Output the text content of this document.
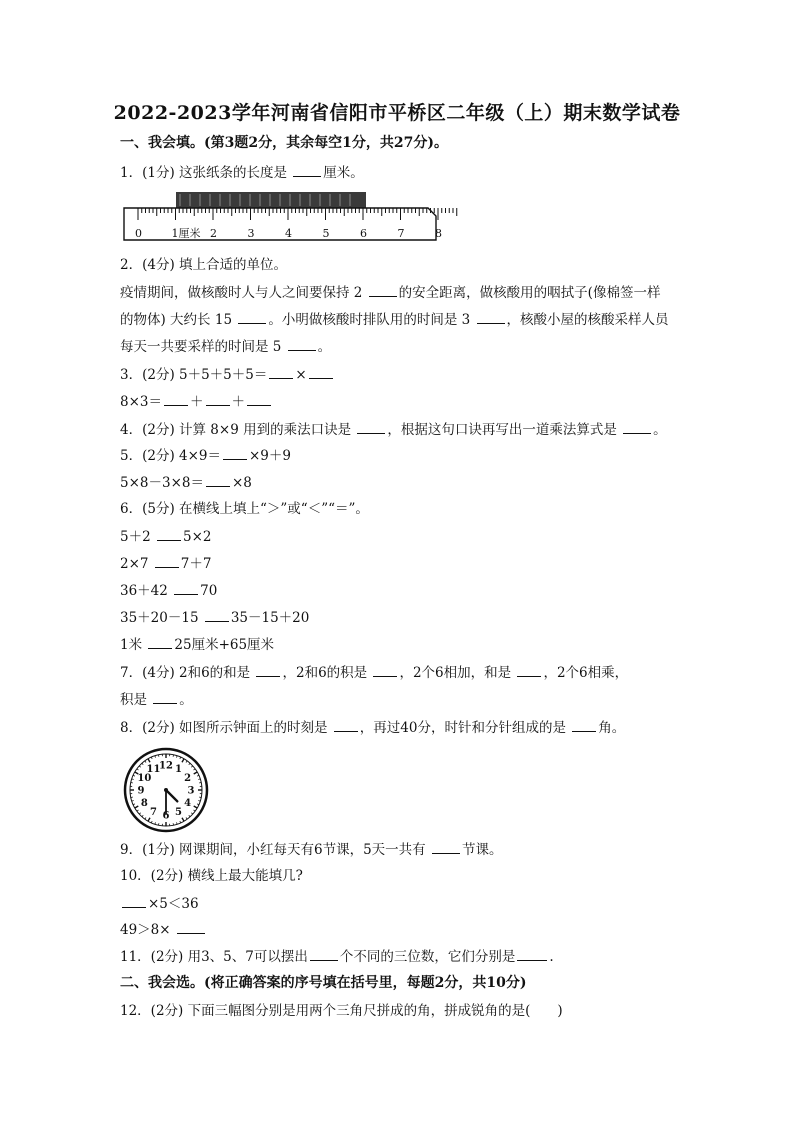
2022-2023学年河南省信阳市平桥区二年级（上）期末数学试卷
一、我会填。(第3题2分，其余每空1分，共27分)。
1．(1分) 这张纸条的长度是 厘米。
0	1厘米 2	3	4	5	6	7	8
2．(4分) 填上合适的单位。
疫情期间，做核酸时人与人之间要保持 2 的安全距离，做核酸用的咽拭子(像棉签一样
的物体) 大约长 15 。小明做核酸时排队用的时间是 3 ，核酸小屋的核酸采样人员
每天一共要采样的时间是 5 。
3．(2分) 5＋5＋5＋5＝ ×
8×3＝ ＋ ＋
4．(2分) 计算 8×9 用到的乘法口诀是 ，根据这句口诀再写出一道乘法算式是 。
5．(2分) 4×9＝ ×9＋9
5×8－3×8＝ ×8
6．(5分) 在横线上填上“＞”或“＜”“＝”。
5＋2 5×2
2×7 7＋7
36＋42 70
35＋20－15 35－15＋20
1米 25厘米+65厘米
7．(4分) 2和6的和是 ，2和6的积是 ，2个6相加，和是 ，2个6相乘，
积是 。
8．(2分) 如图所示钟面上的时刻是 ，再过40分，时针和分针组成的是 角。
12 1
2
3
4
5
6
7
8
9
10
11
9．(1分) 网课期间，小红每天有6节课，5天一共有 节课。
10．(2分) 横线上最大能填几?
×5＜36
49＞8×
11．(2分) 用3、5、7可以摆出 个不同的三位数，它们分别是	.
二、我会选。(将正确答案的序号填在括号里，每题2分，共10分)
12．(2分) 下面三幅图分别是用两个三角尺拼成的角，拼成锐角的是(　　)
